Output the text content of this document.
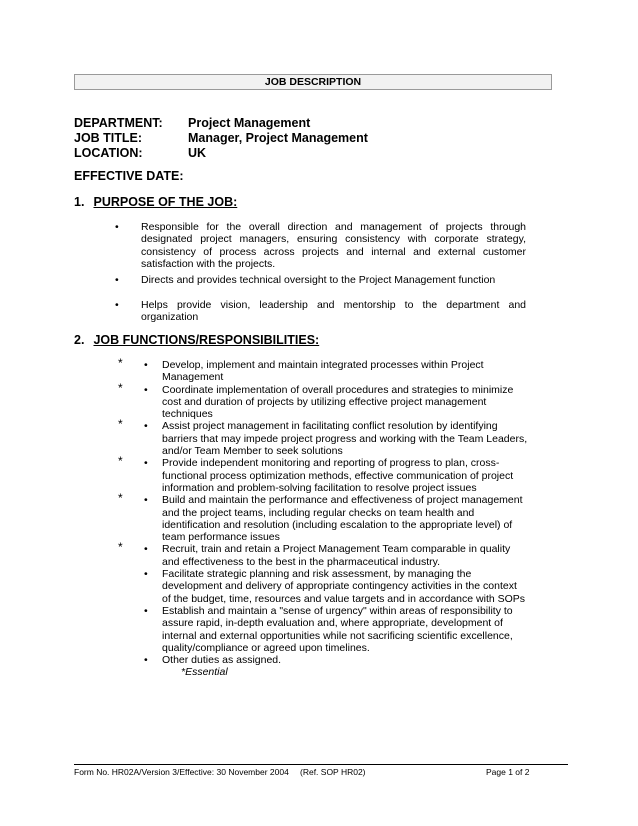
JOB DESCRIPTION
DEPARTMENT:	Project Management
JOB TITLE:	Manager, Project Management
LOCATION:	UK
EFFECTIVE DATE:
1. PURPOSE OF THE JOB:
• Responsible for the overall direction and management of projects through designated project managers, ensuring consistency with corporate strategy, consistency of process across projects and internal and external customer satisfaction with the projects.
• Directs and provides technical oversight to the Project Management function
• Helps provide vision, leadership and mentorship to the department and organization
2. JOB FUNCTIONS/RESPONSIBILITIES:
* • Develop, implement and maintain integrated processes within Project Management
* • Coordinate implementation of overall procedures and strategies to minimize cost and duration of projects by utilizing effective project management techniques
* • Assist project management in facilitating conflict resolution by identifying barriers that may impede project progress and working with the Team Leaders, and/or Team Member to seek solutions
* • Provide independent monitoring and reporting of progress to plan, cross-functional process optimization methods, effective communication of project information and problem-solving facilitation to resolve project issues
* • Build and maintain the performance and effectiveness of project management and the project teams, including regular checks on team health and identification and resolution (including escalation to the appropriate level) of team performance issues
* • Recruit, train and retain a Project Management Team comparable in quality and effectiveness to the best in the pharmaceutical industry.
• Facilitate strategic planning and risk assessment, by managing the development and delivery of appropriate contingency activities in the context of the budget, time, resources and value targets and in accordance with SOPs
• Establish and maintain a "sense of urgency" within areas of responsibility to assure rapid, in-depth evaluation and, where appropriate, development of internal and external opportunities while not sacrificing scientific excellence, quality/compliance or agreed upon timelines.
• Other duties as assigned.
*Essential
Form No. HR02A/Version 3/Effective: 30 November 2004 (Ref. SOP HR02)	Page 1 of 2
